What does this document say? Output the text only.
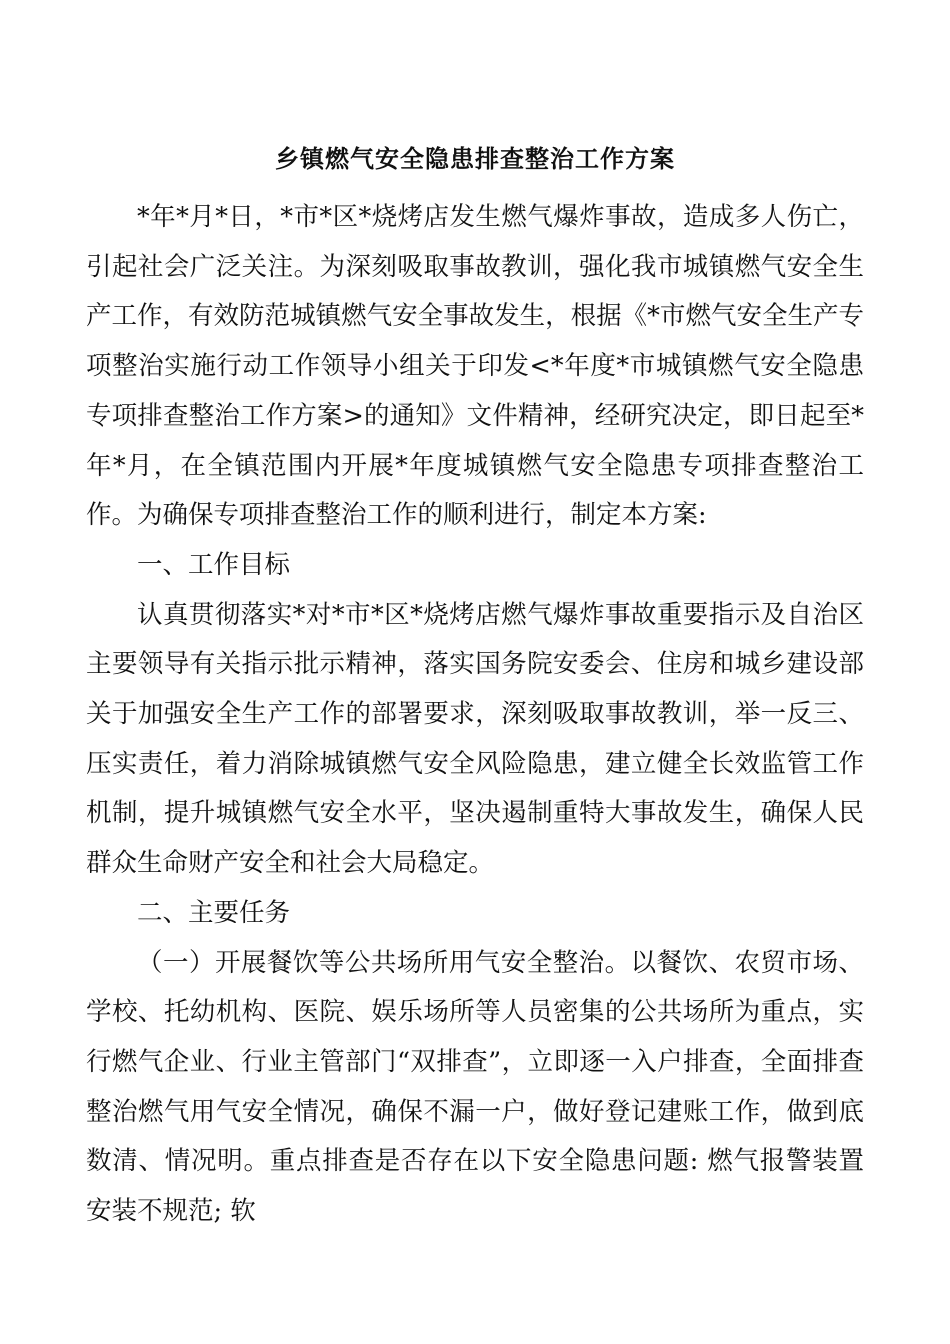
乡镇燃气安全隐患排查整治工作方案

*年*月*日，*市*区*烧烤店发生燃气爆炸事故，造成多人伤亡，引起社会广泛关注。为深刻吸取事故教训，强化我市城镇燃气安全生产工作，有效防范城镇燃气安全事故发生，根据《*市燃气安全生产专项整治实施行动工作领导小组关于印发<*年度*市城镇燃气安全隐患专项排查整治工作方案>的通知》文件精神，经研究决定，即日起至*年*月，在全镇范围内开展*年度城镇燃气安全隐患专项排查整治工作。为确保专项排查整治工作的顺利进行，制定本方案:

一、工作目标

认真贯彻落实*对*市*区*烧烤店燃气爆炸事故重要指示及自治区主要领导有关指示批示精神，落实国务院安委会、住房和城乡建设部关于加强安全生产工作的部署要求，深刻吸取事故教训，举一反三、压实责任，着力消除城镇燃气安全风险隐患，建立健全长效监管工作机制，提升城镇燃气安全水平，坚决遏制重特大事故发生，确保人民群众生命财产安全和社会大局稳定。

二、主要任务

（一）开展餐饮等公共场所用气安全整治。以餐饮、农贸市场、学校、托幼机构、医院、娱乐场所等人员密集的公共场所为重点，实行燃气企业、行业主管部门“双排查”，立即逐一入户排查，全面排查整治燃气用气安全情况，确保不漏一户，做好登记建账工作，做到底数清、情况明。重点排查是否存在以下安全隐患问题: 燃气报警装置安装不规范; 软
